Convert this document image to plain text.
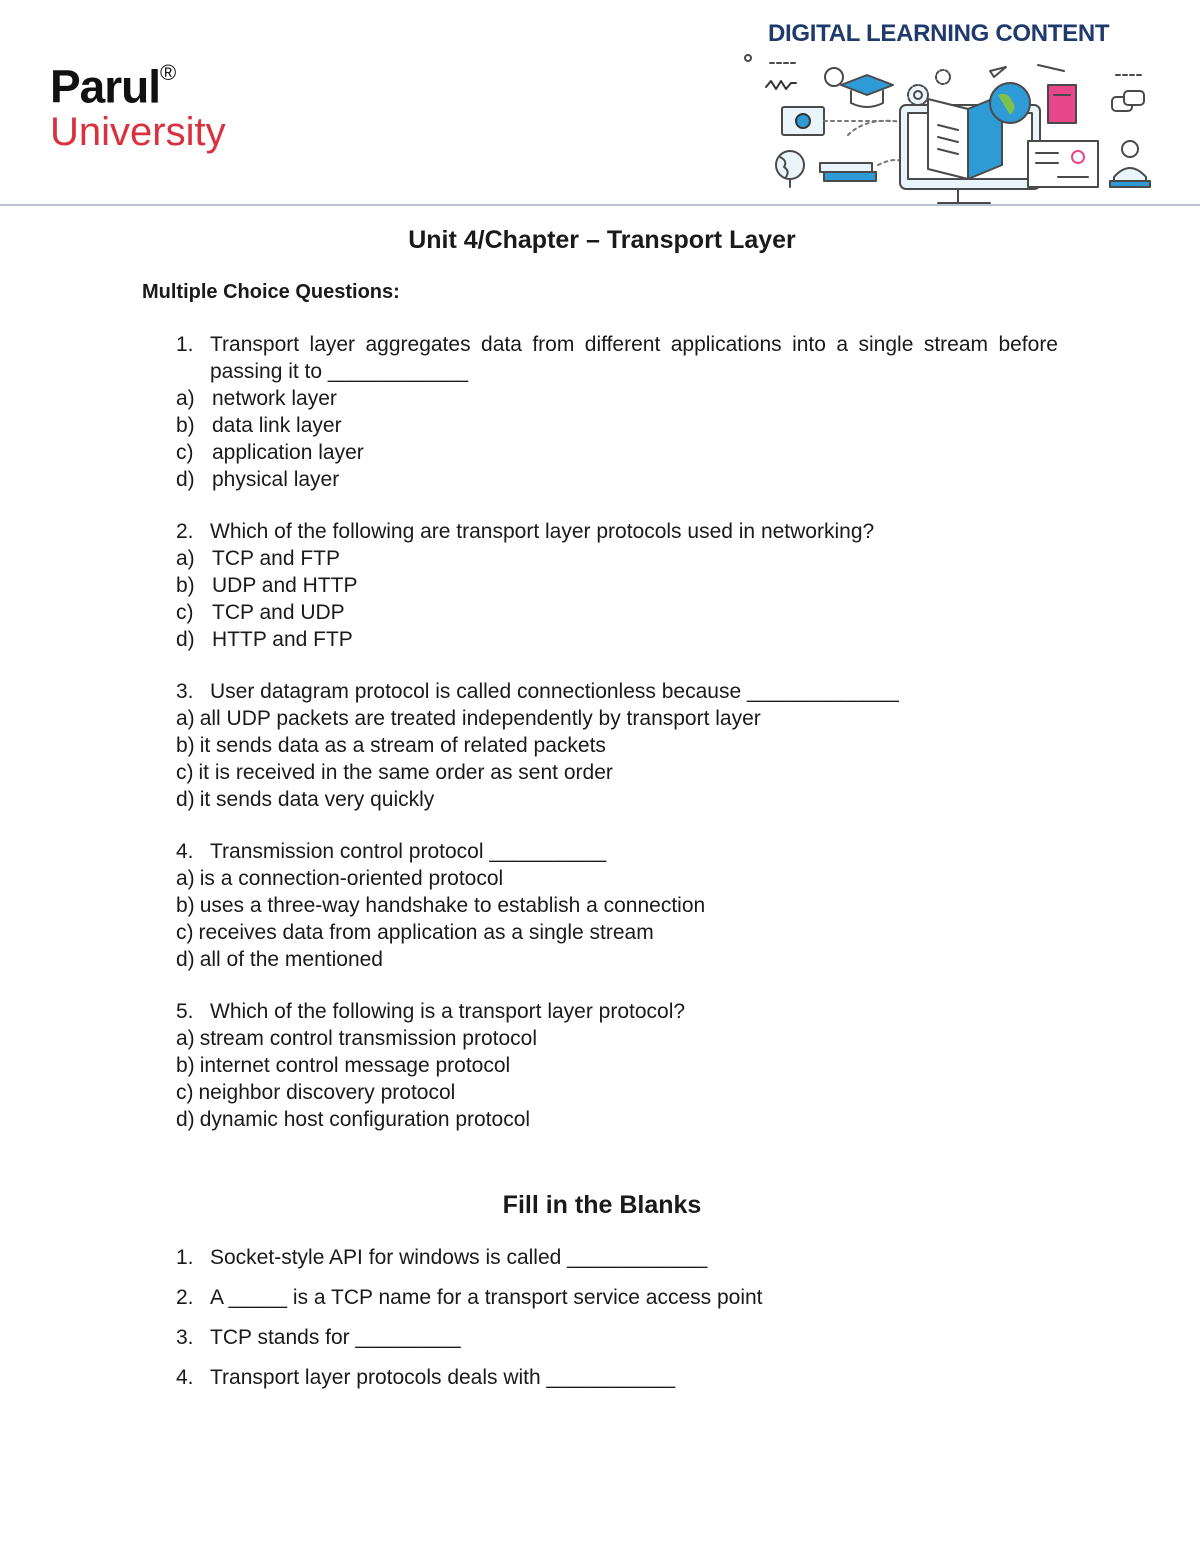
Parul®
University
DIGITAL LEARNING CONTENT
Unit 4/Chapter – Transport Layer
Multiple Choice Questions:
1. Transport layer aggregates data from different applications into a single stream before passing it to ____________
a) network layer
b) data link layer
c) application layer
d) physical layer
2. Which of the following are transport layer protocols used in networking?
a) TCP and FTP
b) UDP and HTTP
c) TCP and UDP
d) HTTP and FTP
3. User datagram protocol is called connectionless because _____________
a) all UDP packets are treated independently by transport layer
b) it sends data as a stream of related packets
c) it is received in the same order as sent order
d) it sends data very quickly
4. Transmission control protocol __________
a) is a connection-oriented protocol
b) uses a three-way handshake to establish a connection
c) receives data from application as a single stream
d) all of the mentioned
5. Which of the following is a transport layer protocol?
a) stream control transmission protocol
b) internet control message protocol
c) neighbor discovery protocol
d) dynamic host configuration protocol
Fill in the Blanks
1. Socket-style API for windows is called ____________
2. A _____ is a TCP name for a transport service access point
3. TCP stands for _________
4. Transport layer protocols deals with ___________
